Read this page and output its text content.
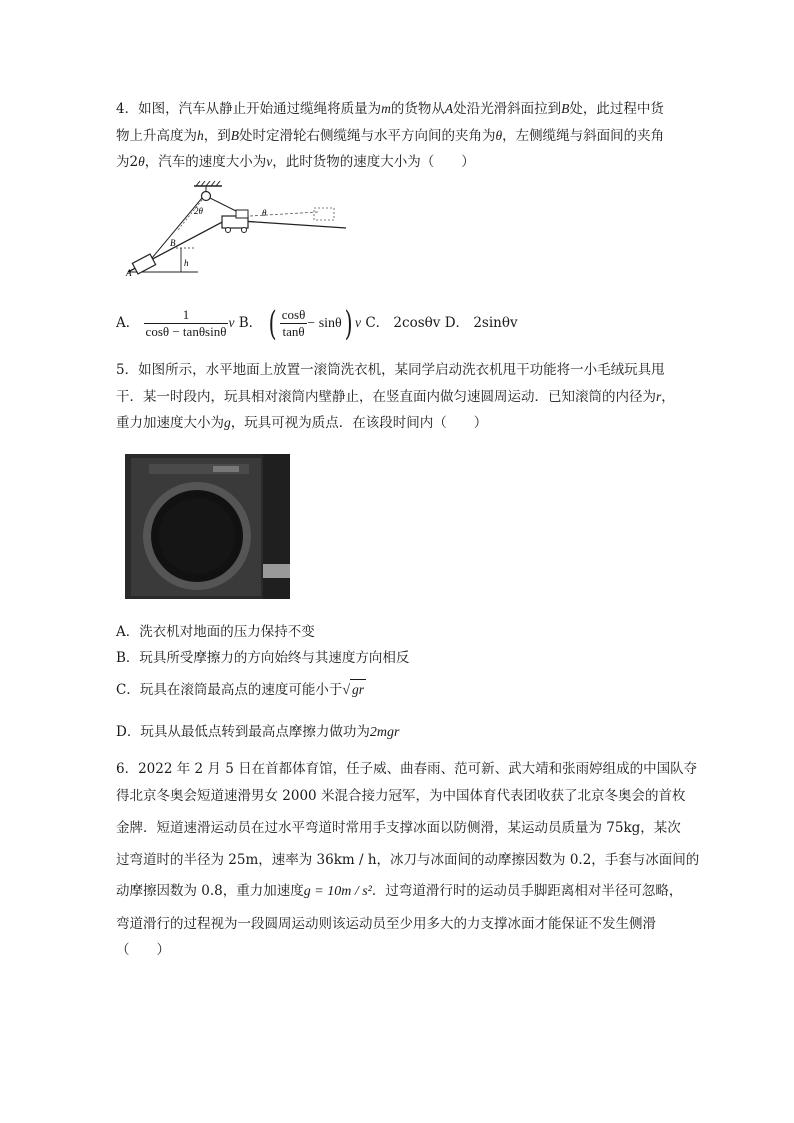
4．如图，汽车从静止开始通过缆绳将质量为m的货物从A处沿光滑斜面拉到B处，此过程中货
物上升高度为h，到B处时定滑轮右侧缆绳与水平方向间的夹角为θ，左侧缆绳与斜面间的夹角
为2θ，汽车的速度大小为v，此时货物的速度大小为（　　）
2θ	θ
B
A
h
A． $\frac{1}{\cos\theta - \tan\theta\sin\theta}$ v B． ( $\frac{\cos\theta}{\tan\theta} - \sin\theta$) v C． 2cosθv D． 2sinθv
5．如图所示，水平地面上放置一滚筒洗衣机，某同学启动洗衣机甩干功能将一小毛绒玩具甩
干．某一时段内，玩具相对滚筒内壁静止，在竖直面内做匀速圆周运动．已知滚筒的内径为r，
重力加速度大小为g，玩具可视为质点．在该段时间内（　　）
A．洗衣机对地面的压力保持不变
B．玩具所受摩擦力的方向始终与其速度方向相反
C．玩具在滚筒最高点的速度可能小于√ gr
D．玩具从最低点转到最高点摩擦力做功为2mgr
6．2022 年 2 月 5 日在首都体育馆，任子威、曲春雨、范可新、武大靖和张雨婷组成的中国队夺
得北京冬奥会短道速滑男女 2000 米混合接力冠军，为中国体育代表团收获了北京冬奥会的首枚
金牌．短道速滑运动员在过水平弯道时常用手支撑冰面以防侧滑，某运动员质量为 75kg，某次
过弯道时的半径为 25m，速率为 36km / h，冰刀与冰面间的动摩擦因数为 0.2，手套与冰面间的
动摩擦因数为 0.8，重力加速度g = 10m / s²．过弯道滑行时的运动员手脚距离相对半径可忽略，
弯道滑行的过程视为一段圆周运动则该运动员至少用多大的力支撑冰面才能保证不发生侧滑
（　　）
